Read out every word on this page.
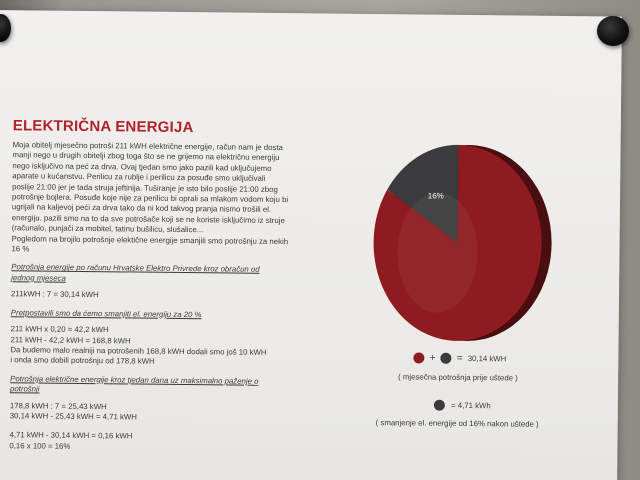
ELEKTRIČNA ENERGIJA

Moja obitelj mjesečno potroši 211 kWH električne energije, račun nam je dosta

manji nego u drugih obitelji zbog toga što se ne grijemo na električnu energiju

nego isključivo na peć za drva. Ovaj tjedan smo jako pazili kad uključujemo

aparate u kućanstvu. Perilicu za rublje i perilicu za posuđe smo uključivali

poslije 21:00 jer je tada struja jeftinija. Tuširanje je isto bilo poslije 21:00 zbog

potrošnje bojlera. Posuđe koje nije za perilicu bi oprali sa mlakom vodom koju bi

ugrijali na kaljevoj peći za drva tako da ni kod takvog pranja nismo trošili el.

energiju. pazili smo na to da sve potrošače koji se ne koriste isključimo iz struje

(računalo, punjači za mobitel, tatinu bušilicu, slušalice...

Pogledom na brojilo potrošnje elektične energije smanjili smo potrošnju za nekih

16 %

Potrošnja energije po računu Hrvatske Elektro Privrede kroz obračun od
jednog mjeseca

211kWH : 7 = 30,14 kWH

Pretpostavili smo da ćemo smanjiti el. energiju za 20 %

211 kWH x 0,20 = 42,2 kWH

211 kWH - 42,2 kWH = 168,8 kWH

Da budemo malo realniji na potrošenih 168,8 kWH dodali smo još 10 kWH

i onda smo dobili potrošnju od 178,8 kWH

Potrošnja električne energije kroz tjedan dana uz maksimalno paženje o
potrošnji

178,8 kWH : 7 = 25,43 kWH

30,14 kWH - 25,43 kWH = 4,71 kWH

4,71 kWH - 30,14 kWH = 0,16 kWH

0,16 x 100 = 16%

+ = 30,14 kWH
( mjesečna potrošnja prije uštede )
= 4,71 kWh
( smanjenje el. energije od 16% nakon uštede )
